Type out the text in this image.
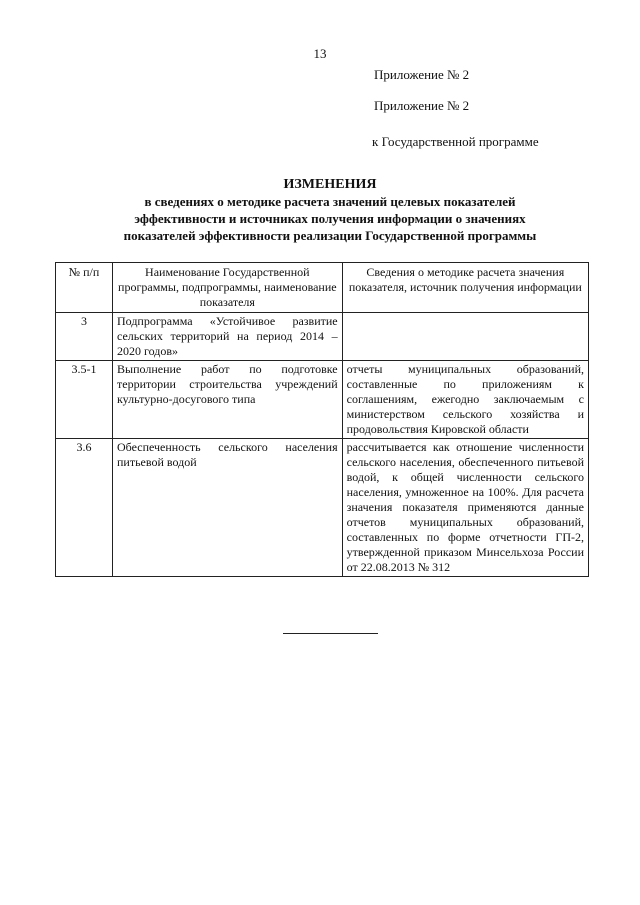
13
Приложение № 2
Приложение № 2
к Государственной программе
ИЗМЕНЕНИЯ
в сведениях о методике расчета значений целевых показателей
эффективности и источниках получения информации о значениях
показателей эффективности реализации Государственной программы
№ п/п	Наименование Государственной программы, подпрограммы, наименование показателя	Сведения о методике расчета значения показателя, источник получения информации
3	Подпрограмма «Устойчивое развитие сельских территорий на период 2014 – 2020 годов»	
3.5-1	Выполнение работ по подготовке территории строительства учреждений культурно-досугового типа	отчеты муниципальных образований, составленные по приложениям к соглашениям, ежегодно заключаемым с министерством сельского хозяйства и продовольствия Кировской области
3.6	Обеспеченность сельского населения питьевой водой	рассчитывается как отношение численности сельского населения, обеспеченного питьевой водой, к общей численности сельского населения, умноженное на 100%. Для расчета значения показателя применяются данные отчетов муниципальных образований, составленных по форме отчетности ГП-2, утвержденной приказом Минсельхоза России от 22.08.2013 № 312
